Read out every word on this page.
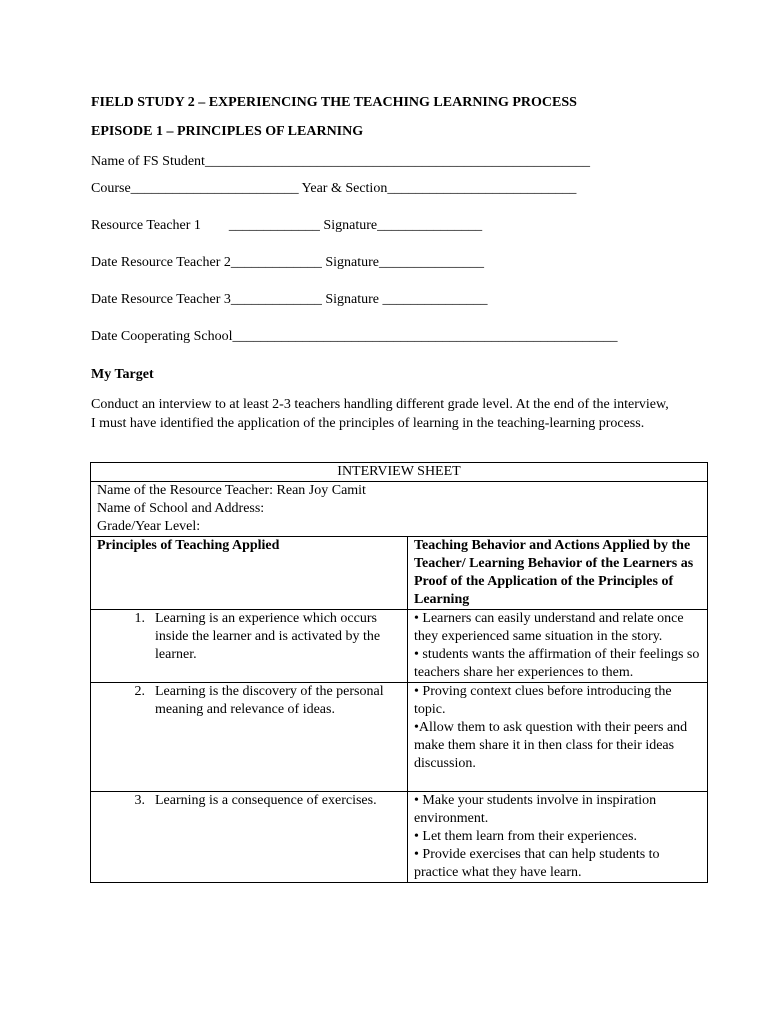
FIELD STUDY 2 – EXPERIENCING THE TEACHING LEARNING PROCESS
EPISODE 1 – PRINCIPLES OF LEARNING
Name of FS Student_______________________________________________________
Course________________________ Year & Section___________________________
Resource Teacher 1        _____________ Signature_______________
Date Resource Teacher 2_____________ Signature_______________
Date Resource Teacher 3_____________ Signature _______________
Date Cooperating School_______________________________________________________
My Target
Conduct an interview to at least 2-3 teachers handling different grade level. At the end of the interview, I must have identified the application of the principles of learning in the teaching-learning process.
INTERVIEW SHEET	

Name of the Resource Teacher: Rean Joy Camit
Name of School and Address:
Grade/Year Level:	

Principles of Teaching Applied	Teaching Behavior and Actions Applied by the Teacher/ Learning Behavior of the Learners as Proof of the Application of the Principles of Learning

1. Learning is an experience which occurs inside the learner and is activated by the learner.	• Learners can easily understand and relate once they experienced same situation in the story.
• students wants the affirmation of their feelings so teachers share her experiences to them.

2. Learning is the discovery of the personal meaning and relevance of ideas.	• Proving context clues before introducing the topic.
•Allow them to ask question with their peers and make them share it in then class for their ideas discussion.

3. Learning is a consequence of exercises.	• Make your students involve in inspiration environment.
• Let them learn from their experiences.
• Provide exercises that can help students to practice what they have learn.
